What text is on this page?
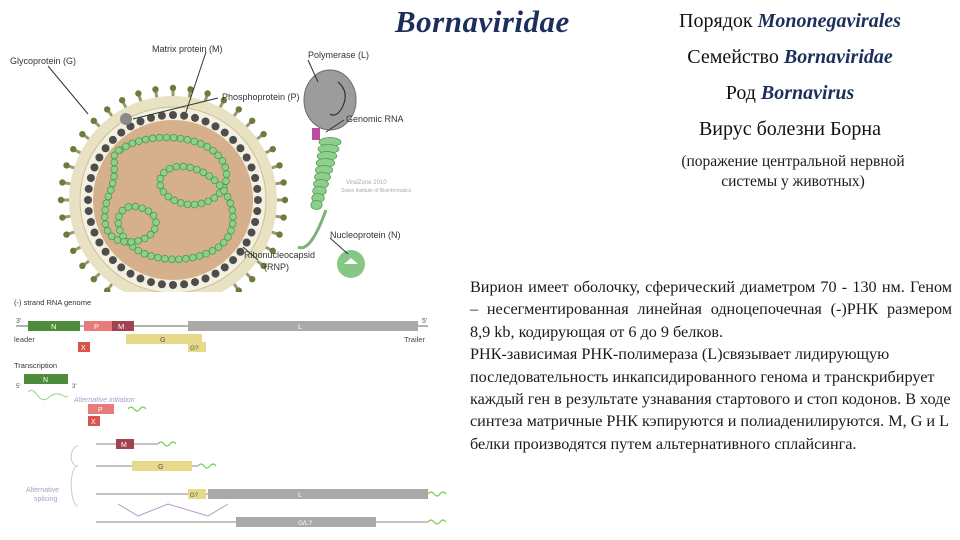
Bornaviridae	Порядок Mononegavirales
Семейство Bornaviridae
Род Bornavirus
Вирус болезни Борна
(поражение центральной нервной
системы у животных)

Вирион имеет оболочку, сферический диаметром 70 - 130 нм. Геном – несегментированная линейная одноцепочечная (-)РНК размером 8,9 kb, кодирующая от 6 до 9 белков.

РНК-зависимая РНК-полимераза (L)связывает лидирующую последовательность инкапсидированного генома и транскрибирует каждый ген в результате узнавания стартового и стоп кодонов. В ходе синтеза матричные РНК кэпируются и полиаденилируются. M, G и L белки производятся путем альтернативного сплайсинга.

Glycoprotein (G)
Matrix protein (M)
Polymerase (L)
Phosphoprotein (P)
Genomic RNA
Nucleoprotein (N)
Ribonucleocapsid
(RNP)
ViralZone 2010
Swiss Institute of Bioinformatics
(-) strand RNA genome
3'
leader	Trailer
5'
N	P	M	L
X
G
G?
Transcription
N
5'	3'
Alternative initiation
P
X
Alternative
splicing
M
G
L
G?
G/L?
